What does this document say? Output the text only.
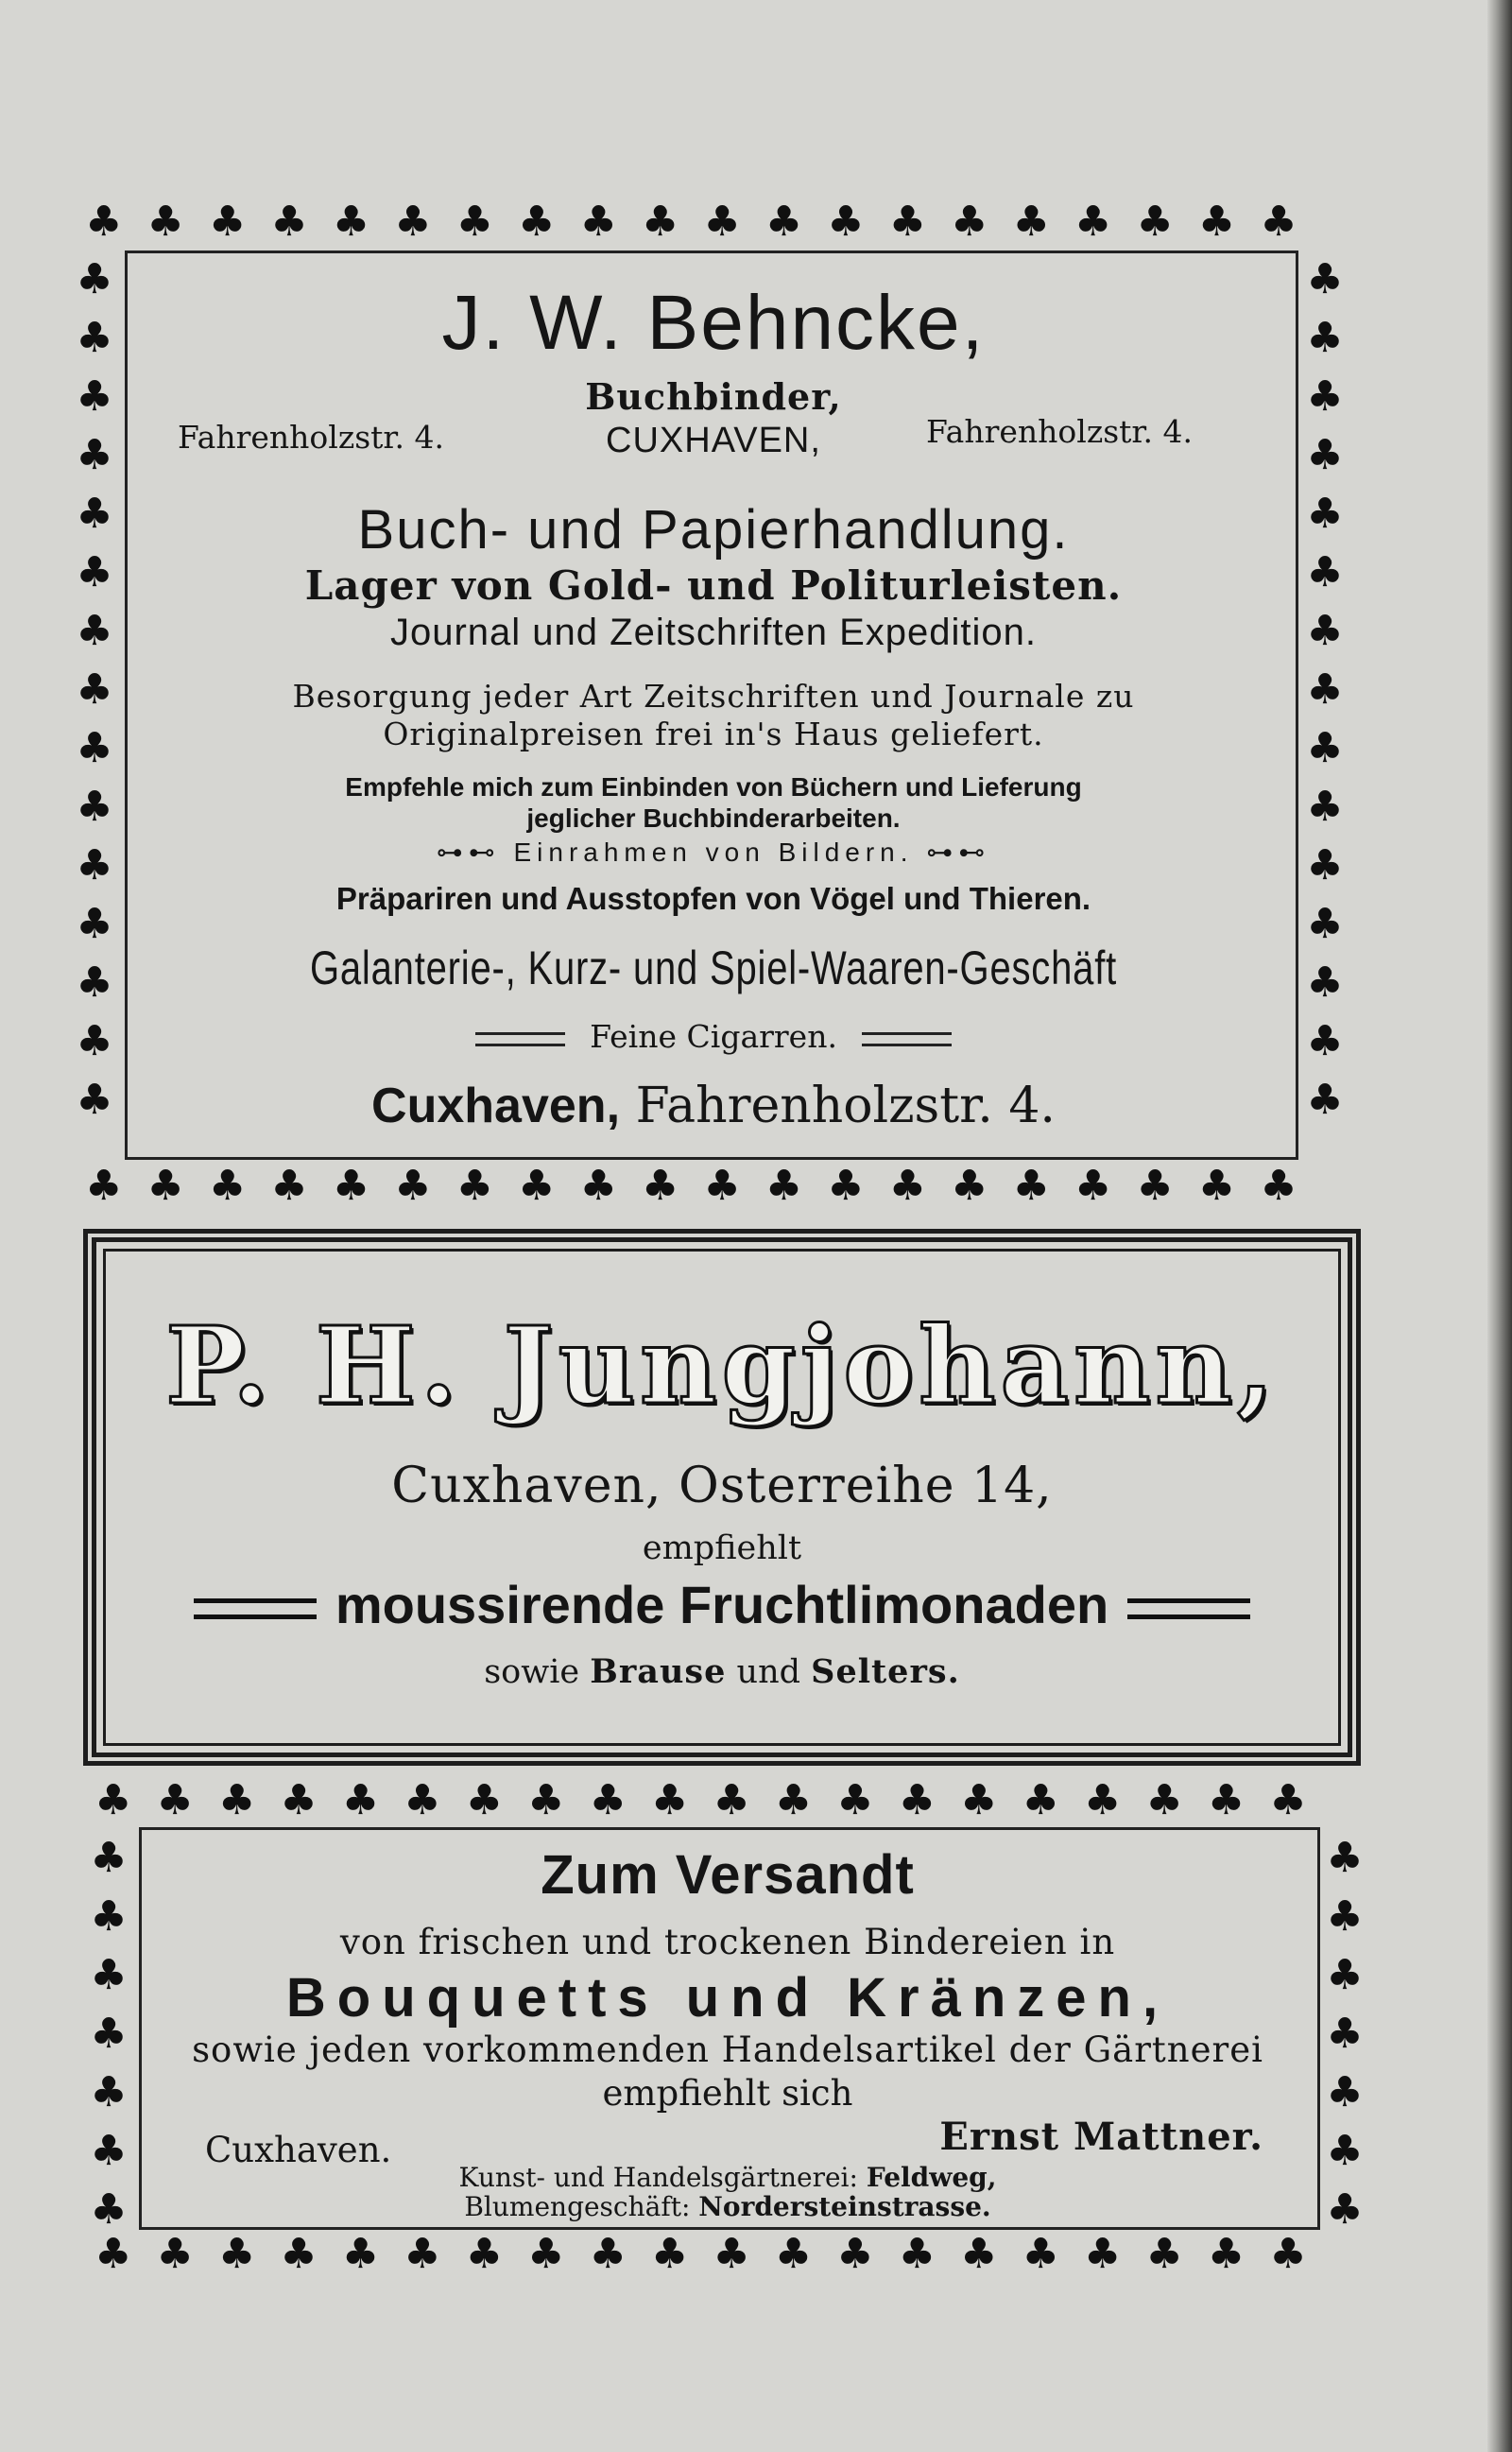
♣ ♣ ♣ ♣ ♣ ♣ ♣ ♣ ♣ ♣ ♣ ♣ ♣ ♣ ♣ ♣ ♣ ♣ ♣ ♣
♣ ♣ ♣ ♣ ♣ ♣ ♣ ♣ ♣ ♣ ♣ ♣ ♣ ♣ ♣ ♣ ♣ ♣ ♣ ♣
♣
♣
♣
♣
♣
♣
♣
♣
♣
♣
♣
♣
♣
♣
♣
♣
♣
♣
♣
♣
♣
♣
♣
♣
♣
♣
♣
♣
♣
♣
J. W. Behncke,
Buchbinder,
Fahrenholzstr. 4.	CUXHAVEN,	Fahrenholzstr. 4.
Buch- und Papierhandlung.
Lager von Gold- und Politurleisten.
Journal und Zeitschriften Expedition.
Besorgung jeder Art Zeitschriften und Journale zu
Originalpreisen frei in's Haus geliefert.
Empfehle mich zum Einbinden von Büchern und Lieferung
jeglicher Buchbinderarbeiten.
⊶⊷ Einrahmen von Bildern. ⊶⊷
Präpariren und Ausstopfen von Vögel und Thieren.
Galanterie-, Kurz- und Spiel-Waaren-Geschäft
Feine Cigarren.
Cuxhaven, Fahrenholzstr. 4.
P. H. Jungjohann,
Cuxhaven, Osterreihe 14,
empfiehlt
moussirende Fruchtlimonaden
sowie Brause und Selters.
♣ ♣ ♣ ♣ ♣ ♣ ♣ ♣ ♣ ♣ ♣ ♣ ♣ ♣ ♣ ♣ ♣ ♣ ♣ ♣
♣ ♣ ♣ ♣ ♣ ♣ ♣ ♣ ♣ ♣ ♣ ♣ ♣ ♣ ♣ ♣ ♣ ♣ ♣ ♣
♣
♣
♣
♣
♣
♣
♣
♣
♣
♣
♣
♣
♣
♣
Zum Versandt
von frischen und trockenen Bindereien in
Bouquetts und Kränzen,
sowie jeden vorkommenden Handelsartikel der Gärtnerei
empfiehlt sich
Cuxhaven.	Ernst Mattner.
Kunst- und Handelsgärtnerei: Feldweg,
Blumengeschäft: Nordersteinstrasse.
